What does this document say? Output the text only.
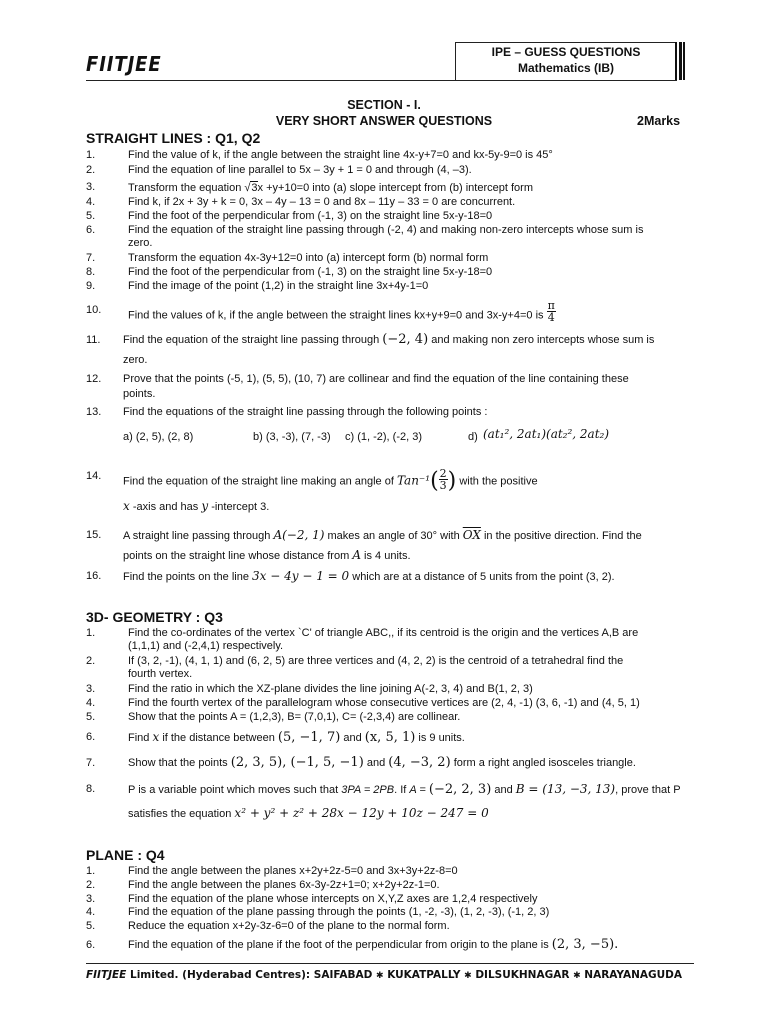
FIITJEE	IPE – GUESS QUESTIONS
Mathematics (IB)
SECTION - I.
VERY SHORT ANSWER QUESTIONS	2Marks
STRAIGHT LINES : Q1, Q2
1.	Find the value of k, if the angle between the straight line 4x-y+7=0 and kx-5y-9=0 is 45°
2.	Find the equation of line parallel to 5x – 3y + 1 = 0 and through (4, –3).
3.	Transform the equation √3x +y+10=0 into (a) slope intercept from (b) intercept form
4.	Find k, if 2x + 3y + k = 0, 3x – 4y – 13 = 0 and 8x – 11y – 33 = 0 are concurrent.
5.	Find the foot of the perpendicular from (-1, 3) on the straight line 5x-y-18=0
6.	Find the equation of the straight line passing through (-2, 4) and making non-zero intercepts whose sum is
zero.
7.	Transform the equation 4x-3y+12=0 into (a) intercept form (b) normal form
8.	Find the foot of the perpendicular from (-1, 3) on the straight line 5x-y-18=0
9.	Find the image of the point (1,2) in the straight line 3x+4y-1=0
10. Find the values of k, if the angle between the straight lines kx+y+9=0 and 3x-y+4=0 is $\frac{\pi}{4}$
11. Find the equation of the straight line passing through (−2, 4) and making non zero intercepts whose sum is
zero.
12. Prove that the points (-5, 1), (5, 5), (10, 7) are collinear and find the equation of the line containing these
points.
13. Find the equations of the straight line passing through the following points :
a) (2, 5), (2, 8)	b) (3, -3), (7, -3) c) (1, -2), (-2, 3)	d) (at₁², 2at₁)(at₂², 2at₂)
14. Find the equation of the straight line making an angle of $Tan^{-1}( \frac{2}{3}$ ) with the positive
x -axis and has y -intercept 3.
15. A straight line passing through A(−2, 1) makes an angle of 30° with $\overline{OX}$ in the positive direction. Find the
points on the straight line whose distance from A is 4 units.
16. Find the points on the line 3x − 4y − 1 = 0 which are at a distance of 5 units from the point (3, 2).
3D- GEOMETRY : Q3
1.	Find the co-ordinates of the vertex `C' of triangle ABC,, if its centroid is the origin and the vertices A,B are
(1,1,1) and (-2,4,1) respectively.
2.	If (3, 2, -1), (4, 1, 1) and (6, 2, 5) are three vertices and (4, 2, 2) is the centroid of a tetrahedral find the
fourth vertex.
3.	Find the ratio in which the XZ-plane divides the line joining A(-2, 3, 4) and B(1, 2, 3)
4.	Find the fourth vertex of the parallelogram whose consecutive vertices are (2, 4, -1) (3, 6, -1) and (4, 5, 1)
5.	Show that the points A = (1,2,3), B= (7,0,1), C= (-2,3,4) are collinear.
6.	Find x if the distance between (5, −1, 7) and (x, 5, 1) is 9 units.
7.	Show that the points (2, 3, 5), (−1, 5, −1) and (4, −3, 2) form a right angled isosceles triangle.
8.	P is a variable point which moves such that 3PA = 2PB. If A = (−2, 2, 3) and B = (13, −3, 13), prove that P
satisfies the equation x² + y² + z² + 28x − 12y + 10z − 247 = 0
PLANE : Q4
1.	Find the angle between the planes x+2y+2z-5=0 and 3x+3y+2z-8=0
2.	Find the angle between the planes 6x-3y-2z+1=0; x+2y+2z-1=0.
3.	Find the equation of the plane whose intercepts on X,Y,Z axes are 1,2,4 respectively
4.	Find the equation of the plane passing through the points (1, -2, -3), (1, 2, -3), (-1, 2, 3)
5.	Reduce the equation x+2y-3z-6=0 of the plane to the normal form.
6.	Find the equation of the plane if the foot of the perpendicular from origin to the plane is (2, 3, −5).
FIITJEE Limited. (Hyderabad Centres): SAIFABAD ✱ KUKATPALLY ✱ DILSUKHNAGAR ✱ NARAYANAGUDA
